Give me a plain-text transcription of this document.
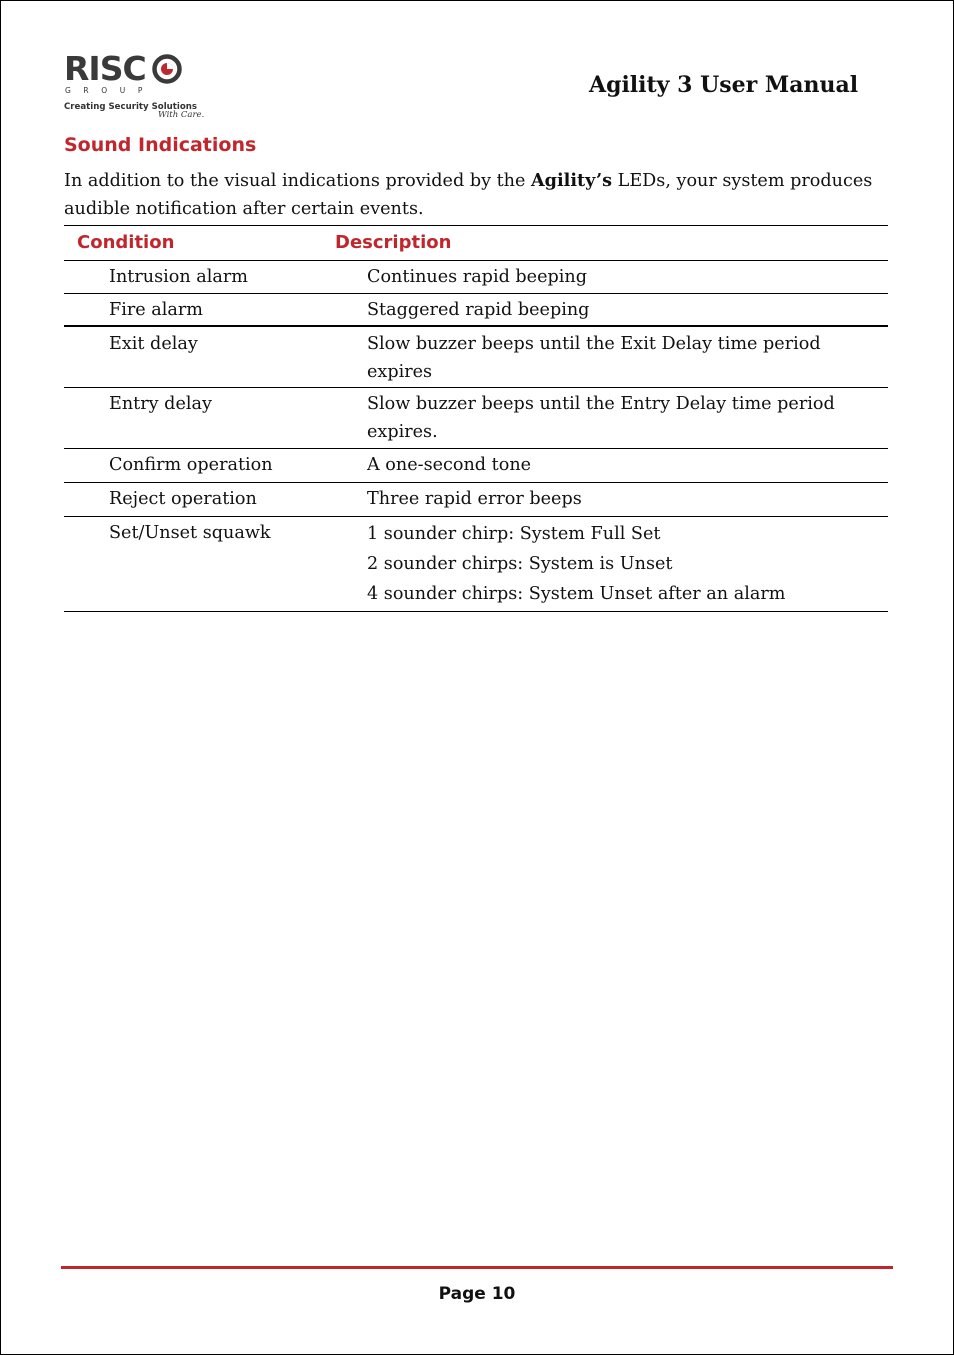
RISC
GROUP
Creating Security Solutions
With Care.
Agility 3 User Manual
Sound Indications
In addition to the visual indications provided by the Agility’s LEDs, your system produces audible notification after certain events.
Condition	Description
Intrusion alarm	Continues rapid beeping
Fire alarm	Staggered rapid beeping
Exit delay	Slow buzzer beeps until the Exit Delay time period
expires
Entry delay	Slow buzzer beeps until the Entry Delay time period
expires.
Confirm operation	A one-second tone
Reject operation	Three rapid error beeps
Set/Unset squawk	1 sounder chirp: System Full Set
2 sounder chirps: System is Unset
4 sounder chirps: System Unset after an alarm
Page 10
